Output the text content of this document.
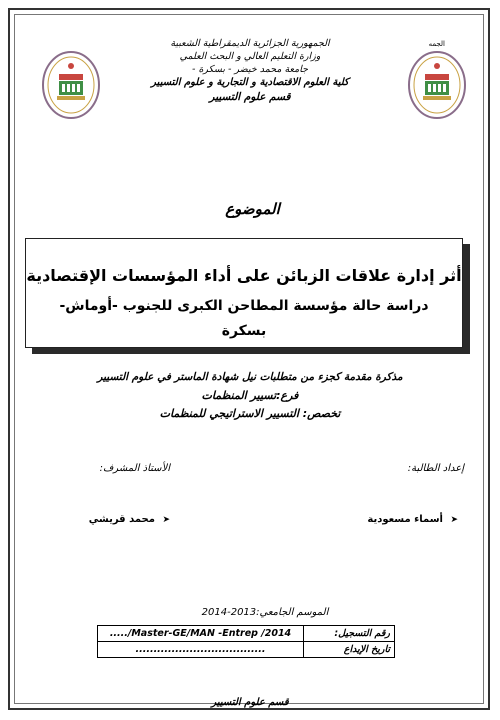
الجمه
الجمهورية الجزائرية الديمقراطية الشعبية
وزارة التعليم العالي و البحث العلمي
جامعة محمد خيضر - بسكرة -
كلية العلوم الاقتصادية و التجارية و علوم التسيير
قسم علوم التسيير
الموضوع
أثر إدارة علاقات الزبائن على أداء المؤسسات الإقتصادية
دراسة حالة مؤسسة المطاحن الكبرى للجنوب -أوماش-
بسكرة
مذكرة مقدمة كجزء من متطلبات نيل شهادة الماستر في علوم التسيير
فرع:تسيير المنظمات
تخصص: التسيير الاستراتيجي للمنظمات
إعداد الطالبة:
الأستاذ المشرف:
➤ أسماء مسعودية
➤ محمد قريشي
الموسم الجامعي:2013-2014
رقم التسجيل:	...../Master-GE/MAN -Entrep /2014
تاريخ الإيداع	....................................
قسم علوم التسيير
